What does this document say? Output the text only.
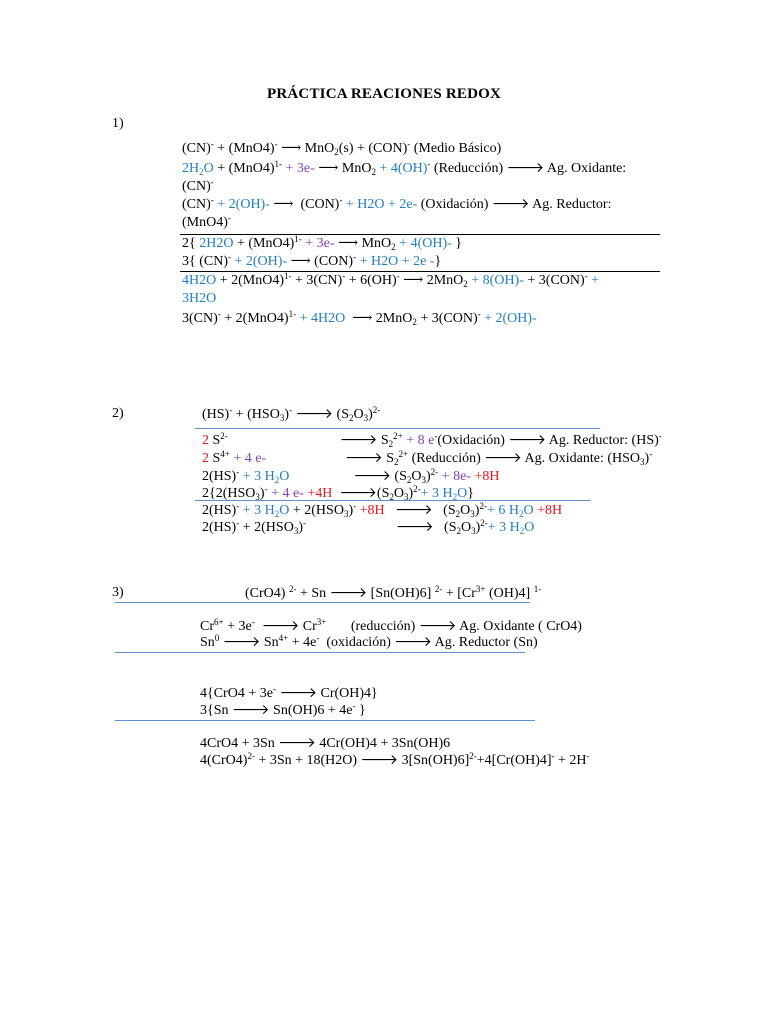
PRÁCTICA REACIONES REDOX
1)
(CN)- + (MnO4)- ⟶ MnO$_2$(s) + (CON)- (Medio Básico)
$2H_2O + (MnO4)^{1-} + 3e-$ ⟶ MnO$_2$ + 4(OH)- (Reducción) 🡒 Ag. Oxidante:
(CN)-
(CN)- + 2(OH)- ⟶  (CON)- + H2O + 2e- (Oxidación) 🡒 Ag. Reductor:
(MnO4)-
2{ $2H2O + (MnO4)^{1-} + 3e-$ ⟶ MnO$_2$ + 4(OH)- }
3{ (CN)- + 2(OH)- ⟶ (CON)- + H2O + 2e -}
$4H2O + 2(MnO4)^{1-} + 3(CN)^- + 6(OH)^-$ ⟶ 2MnO$_2$ + 8(OH)- + 3(CON)- +
3H2O
$3(CN)^- + 2(MnO4)^{1-} + 4H2O$  ⟶ 2MnO$_2$ + 3(CON)- + 2(OH)-
2)	$(HS)^- + (HSO_3)^-$ 🡒 $(S_2O_3)^{2-}$
2 $S^{2-}$	🡒 $S_2^{2+} + 8$ e-(Oxidación) 🡒 Ag. Reductor: (HS)-
2 $S^{4+} + 4$ e-	🡒 $S_2^{2+}$ (Reducción) 🡒 Ag. Oxidante: $(HSO_3)^-$
2(HS)- + 3 $H_2O$	🡒 $(S_2O_3)^{2-} + 8e- +8H$
$2\{2(HSO_3)^- + 4$ e- +4H  $🡒(S_2O_3)^{2-}+ 3$ $H_2O$}
2(HS)- + 3 $H_2O + 2(HSO_3)^- +8H$   🡒   $(S_2O_3)^{2-}+ 6$ $H_2O +8H$
$2(HS)^- + 2(HSO_3)^-$	🡒   $(S_2O_3)^{2-}+ 3$ $H_2O$
3)	(CrO4) $^{2-}$ + Sn 🡒 [Sn(OH)6] $^{2-} + [Cr^{3+}$ (OH)4] $^{1-}$
$Cr^{6+} + 3e^-$  🡒 $Cr^{3+}$       (reducción) 🡒 Ag. Oxidante ( CrO4)
Sn$^0$ 🡒 $Sn^{4+} + 4e^-$  (oxidación) 🡒 Ag. Reductor (Sn)
4{CrO4 + 3e- 🡒 Cr(OH)4}
3{Sn 🡒 Sn(OH)6 + 4e- }
4CrO4 + 3Sn 🡒 4Cr(OH)4 + 3Sn(OH)6
$4(CrO4)^{2-} + 3Sn + 18(H2O)$ 🡒 $3[Sn(OH)6]^{2-}+4[Cr(OH)4]^- + 2H^-$
